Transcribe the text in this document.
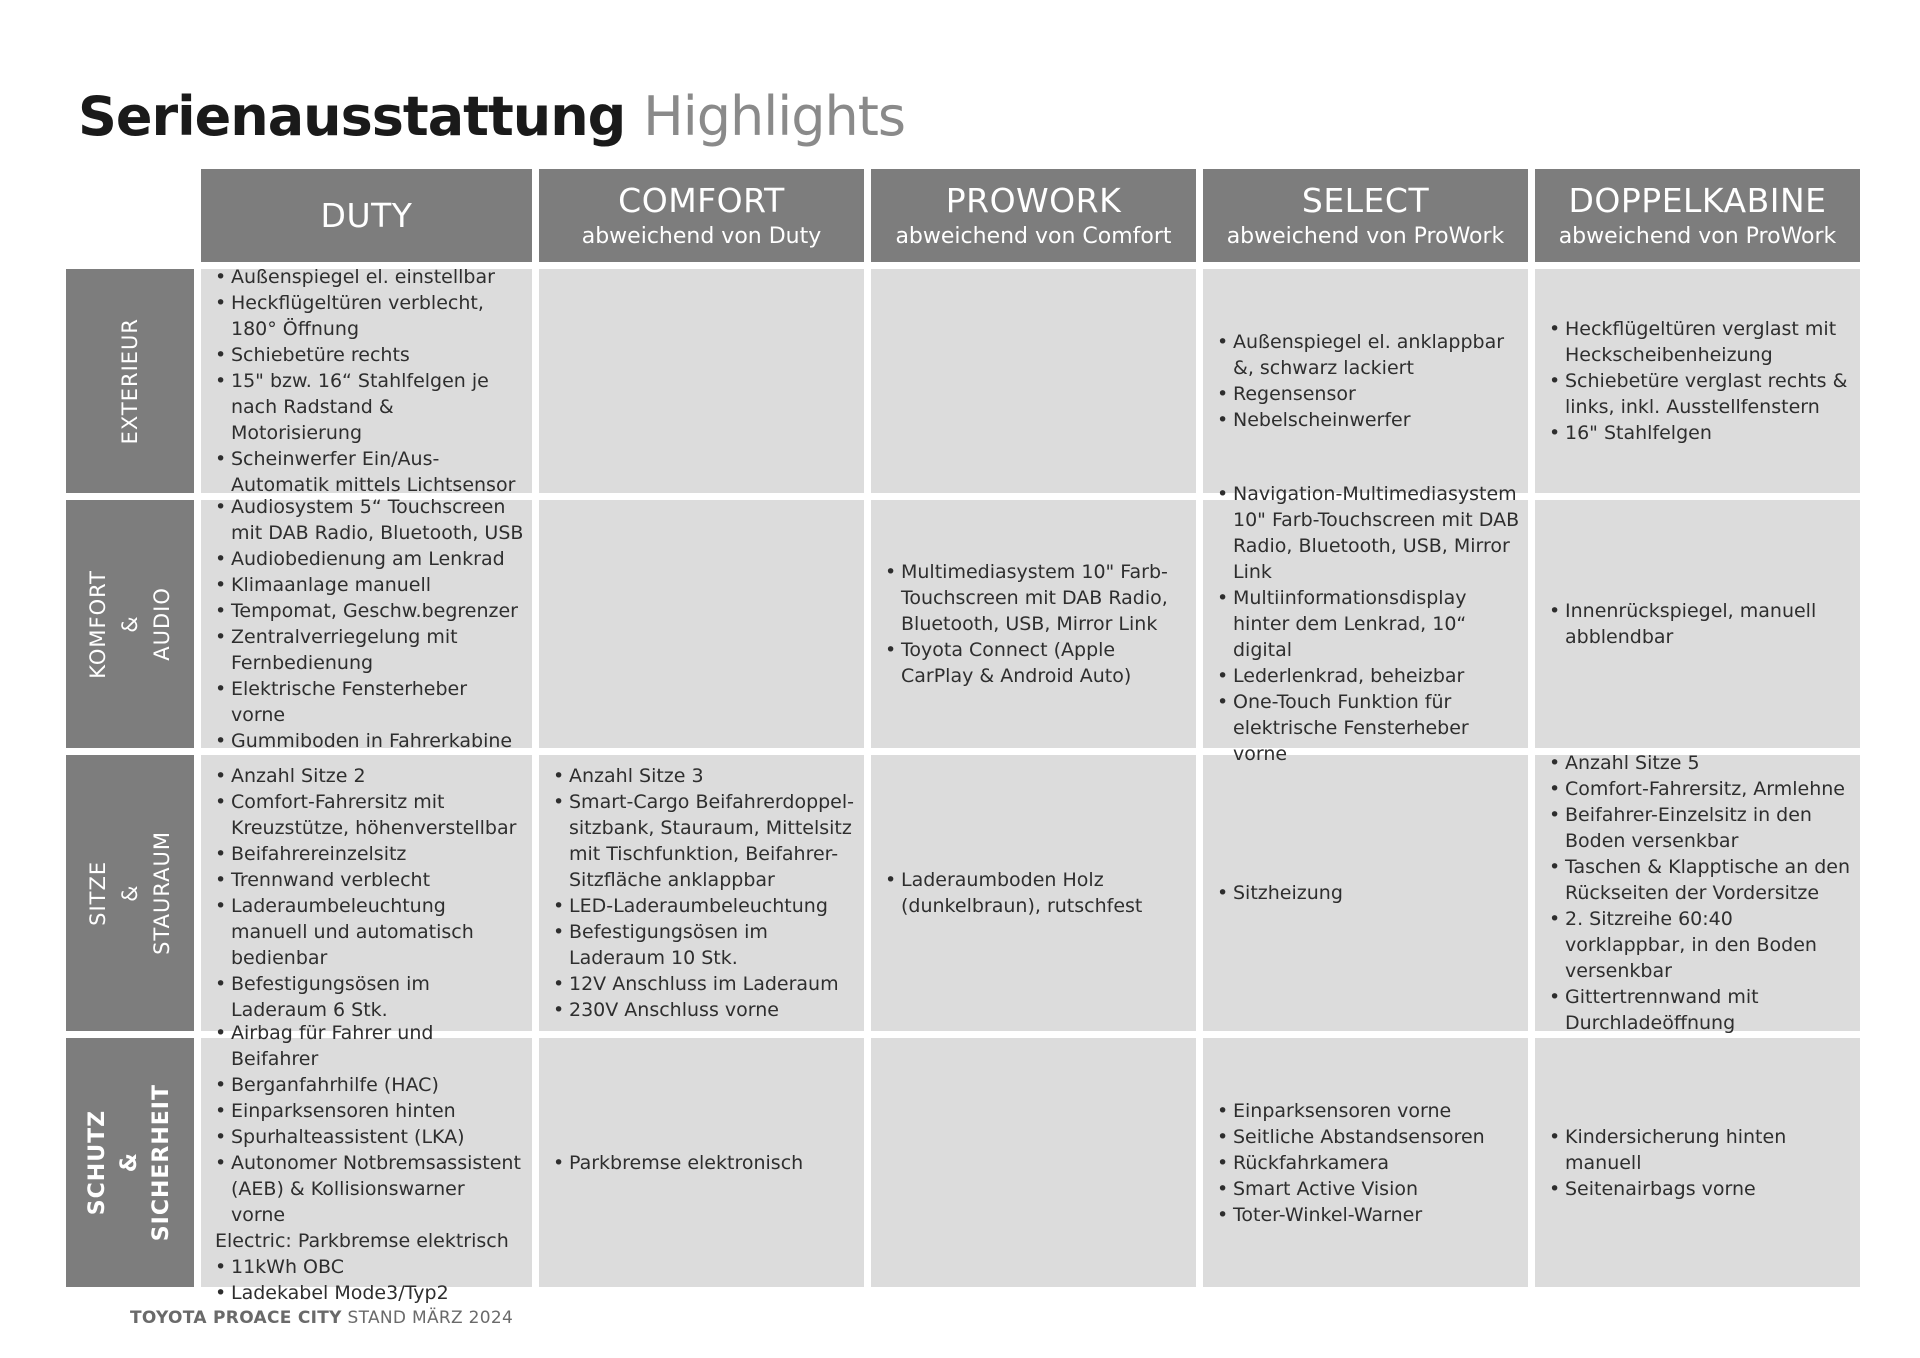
Serienausstattung Highlights
DUTY	COMFORT
abweichend von Duty
PROWORK
abweichend von Comfort
SELECT
abweichend von ProWork
DOPPELKABINE
abweichend von ProWork
EXTERIEUR
• Außenspiegel el. einstellbar
• Heckflügeltüren verblecht, 180° Öffnung
• Schiebetüre rechts
• 15" bzw. 16“ Stahlfelgen je nach Radstand & Motorisierung
• Scheinwerfer Ein/Aus-Automatik mittels Lichtsensor
• Außenspiegel el. anklappbar &, schwarz lackiert
• Regensensor
• Nebelscheinwerfer
• Heckflügeltüren verglast mit Heckscheibenheizung
• Schiebetüre verglast rechts & links, inkl. Ausstellfenstern
• 16" Stahlfelgen
KOMFORT
&
AUDIO
• Audiosystem 5“ Touchscreen mit DAB Radio, Bluetooth, USB
• Audiobedienung am Lenkrad
• Klimaanlage manuell
• Tempomat, Geschw.begrenzer
• Zentralverriegelung mit Fernbedienung
• Elektrische Fensterheber vorne
• Gummiboden in Fahrerkabine
• Multimediasystem 10" Farb-Touchscreen mit DAB Radio, Bluetooth, USB, Mirror Link
• Toyota Connect (Apple CarPlay & Android Auto)
• Navigation-Multimediasystem 10" Farb-Touchscreen mit DAB Radio, Bluetooth, USB, Mirror Link
• Multiinformationsdisplay hinter dem Lenkrad, 10“ digital
• Lederlenkrad, beheizbar
• One-Touch Funktion für elektrische Fensterheber vorne
• Innenrückspiegel, manuell abblendbar
SITZE
&
STAURAUM
• Anzahl Sitze 2
• Comfort-Fahrersitz mit Kreuzstütze, höhenverstellbar
• Beifahrereinzelsitz
• Trennwand verblecht
• Laderaumbeleuchtung manuell und automatisch bedienbar
• Befestigungsösen im Laderaum 6 Stk.
• Anzahl Sitze 3
• Smart-Cargo Beifahrerdoppel-sitzbank, Stauraum, Mittelsitz mit Tischfunktion, Beifahrer-Sitzfläche anklappbar
• LED-Laderaumbeleuchtung
• Befestigungsösen im Laderaum 10 Stk.
• 12V Anschluss im Laderaum
• 230V Anschluss vorne
• Laderaumboden Holz (dunkelbraun), rutschfest
• Sitzheizung
• Anzahl Sitze 5
• Comfort-Fahrersitz, Armlehne
• Beifahrer-Einzelsitz in den Boden versenkbar
• Taschen & Klapptische an den Rückseiten der Vordersitze
• 2. Sitzreihe 60:40 vorklappbar, in den Boden versenkbar
• Gittertrennwand mit Durchladeöffnung
SCHUTZ
&
SICHERHEIT
• Airbag für Fahrer und Beifahrer
• Berganfahrhilfe (HAC)
• Einparksensoren hinten
• Spurhalteassistent (LKA)
• Autonomer Notbremsassistent (AEB) & Kollisionswarner vorne
Electric: Parkbremse elektrisch
• 11kWh OBC
• Ladekabel Mode3/Typ2
• Parkbremse elektronisch
• Einparksensoren vorne
• Seitliche Abstandsensoren
• Rückfahrkamera
• Smart Active Vision
• Toter-Winkel-Warner
• Kindersicherung hinten manuell
• Seitenairbags vorne
TOYOTA PROACE CITY STAND MÄRZ 2024
